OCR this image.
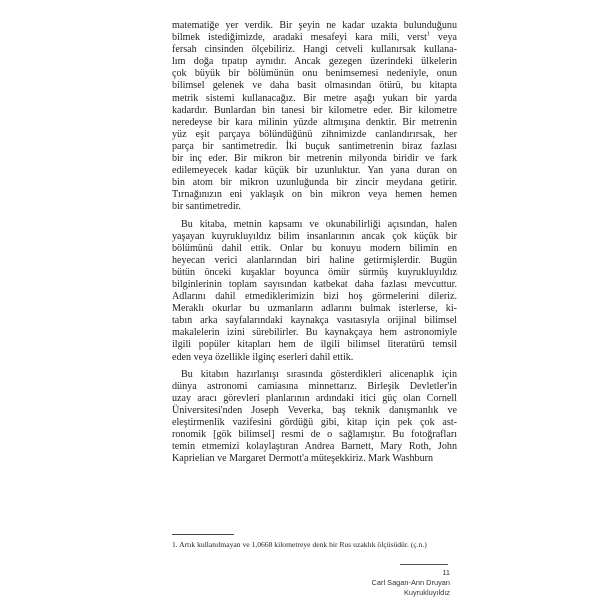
matematiğe yer verdik. Bir şeyin ne kadar uzakta bulunduğunu
bilmek istediğimizde, aradaki mesafeyi kara mili, verst$^1$ veya
fersah cinsinden ölçebiliriz. Hangi cetveli kullanırsak kullana-
lım doğa tıpatıp aynıdır. Ancak gezegen üzerindeki ülkelerin
çok büyük bir bölümünün onu benimsemesi nedeniyle, onun
bilimsel gelenek ve daha basit olmasından ötürü, bu kitapta
metrik sistemi kullanacağız. Bir metre aşağı yukarı bir yarda
kadardır. Bunlardan bin tanesi bir kilometre eder. Bir kilometre
neredeyse bir kara milinin yüzde altmışına denktir. Bir metrenin
yüz eşit parçaya bölündüğünü zihnimizde canlandırırsak, her
parça bir santimetredir. İki buçuk santimetrenin biraz fazlası
bir inç eder. Bir mikron bir metrenin milyonda biridir ve fark
edilemeyecek kadar küçük bir uzunluktur. Yan yana duran on
bin atom bir mikron uzunluğunda bir zincir meydana getirir.
Tırnağınızın eni yaklaşık on bin mikron veya hemen hemen
bir santimetredir.
Bu kitaba, metnin kapsamı ve okunabilirliği açısından, halen
yaşayan kuyrukluyıldız bilim insanlarının ancak çok küçük bir
bölümünü dahil ettik. Onlar bu konuyu modern bilimin en
heyecan verici alanlarından biri haline getirmişlerdir. Bugün
bütün önceki kuşaklar boyunca ömür sürmüş kuyrukluyıldız
bilginlerinin toplam sayısından katbekat daha fazlası mevcuttur.
Adlarını dahil etmediklerimizin bizi hoş görmelerini dileriz.
Meraklı okurlar bu uzmanların adlarını bulmak isterlerse, ki-
tabın arka sayfalarındaki kaynakça vasıtasıyla orijinal bilimsel
makalelerin izini sürebilirler. Bu kaynakçaya hem astronomiyle
ilgili popüler kitapları hem de ilgili bilimsel literatürü temsil
eden veya özellikle ilginç eserleri dahil ettik.
Bu kitabın hazırlanışı sırasında gösterdikleri alicenaplık için
dünya astronomi camiasına minnettarız. Birleşik Devletler'in
uzay aracı görevleri planlarının ardındaki itici güç olan Cornell
Üniversitesi'nden Joseph Veverka, baş teknik danışmanlık ve
eleştirmenlik vazifesini gördüğü gibi, kitap için pek çok ast-
ronomik [gök bilimsel] resmi de o sağlamıştır. Bu fotoğrafları
temin etmemizi kolaylaştıran Andrea Barnett, Mary Roth, John
Kaprielian ve Margaret Dermott'a müteşekkiriz. Mark Washburn
1. Artık kullanılmayan ve 1,0668 kilometreye denk bir Rus uzaklık ölçüsüdür. (ç.n.)
11
Carl Sagan-Ann Druyan
Kuyrukluyıldız
